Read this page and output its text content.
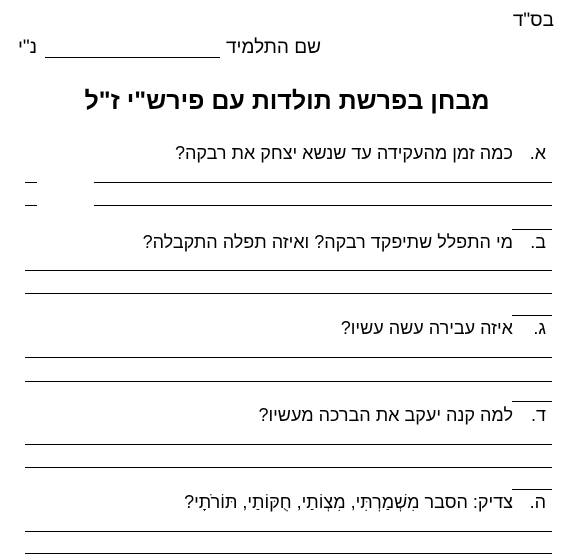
בס"ד
שם התלמיד
נ"י
מבחן בפרשת תולדות עם פירש"י ז"ל
א. כמה זמן מהעקידה עד שנשא יצחק את רבקה?
ב. מי התפלל שתיפקד רבקה? ואיזה תפלה התקבלה?
ג. איזה עבירה עשה עשיו?
ד. למה קנה יעקב את הברכה מעשיו?
ה. צדיק: הסבר מִשְׁמַרְתִּי, מִצְוֹתַי, חֻקּוֹתַי, תּוֹרֹתָי?
